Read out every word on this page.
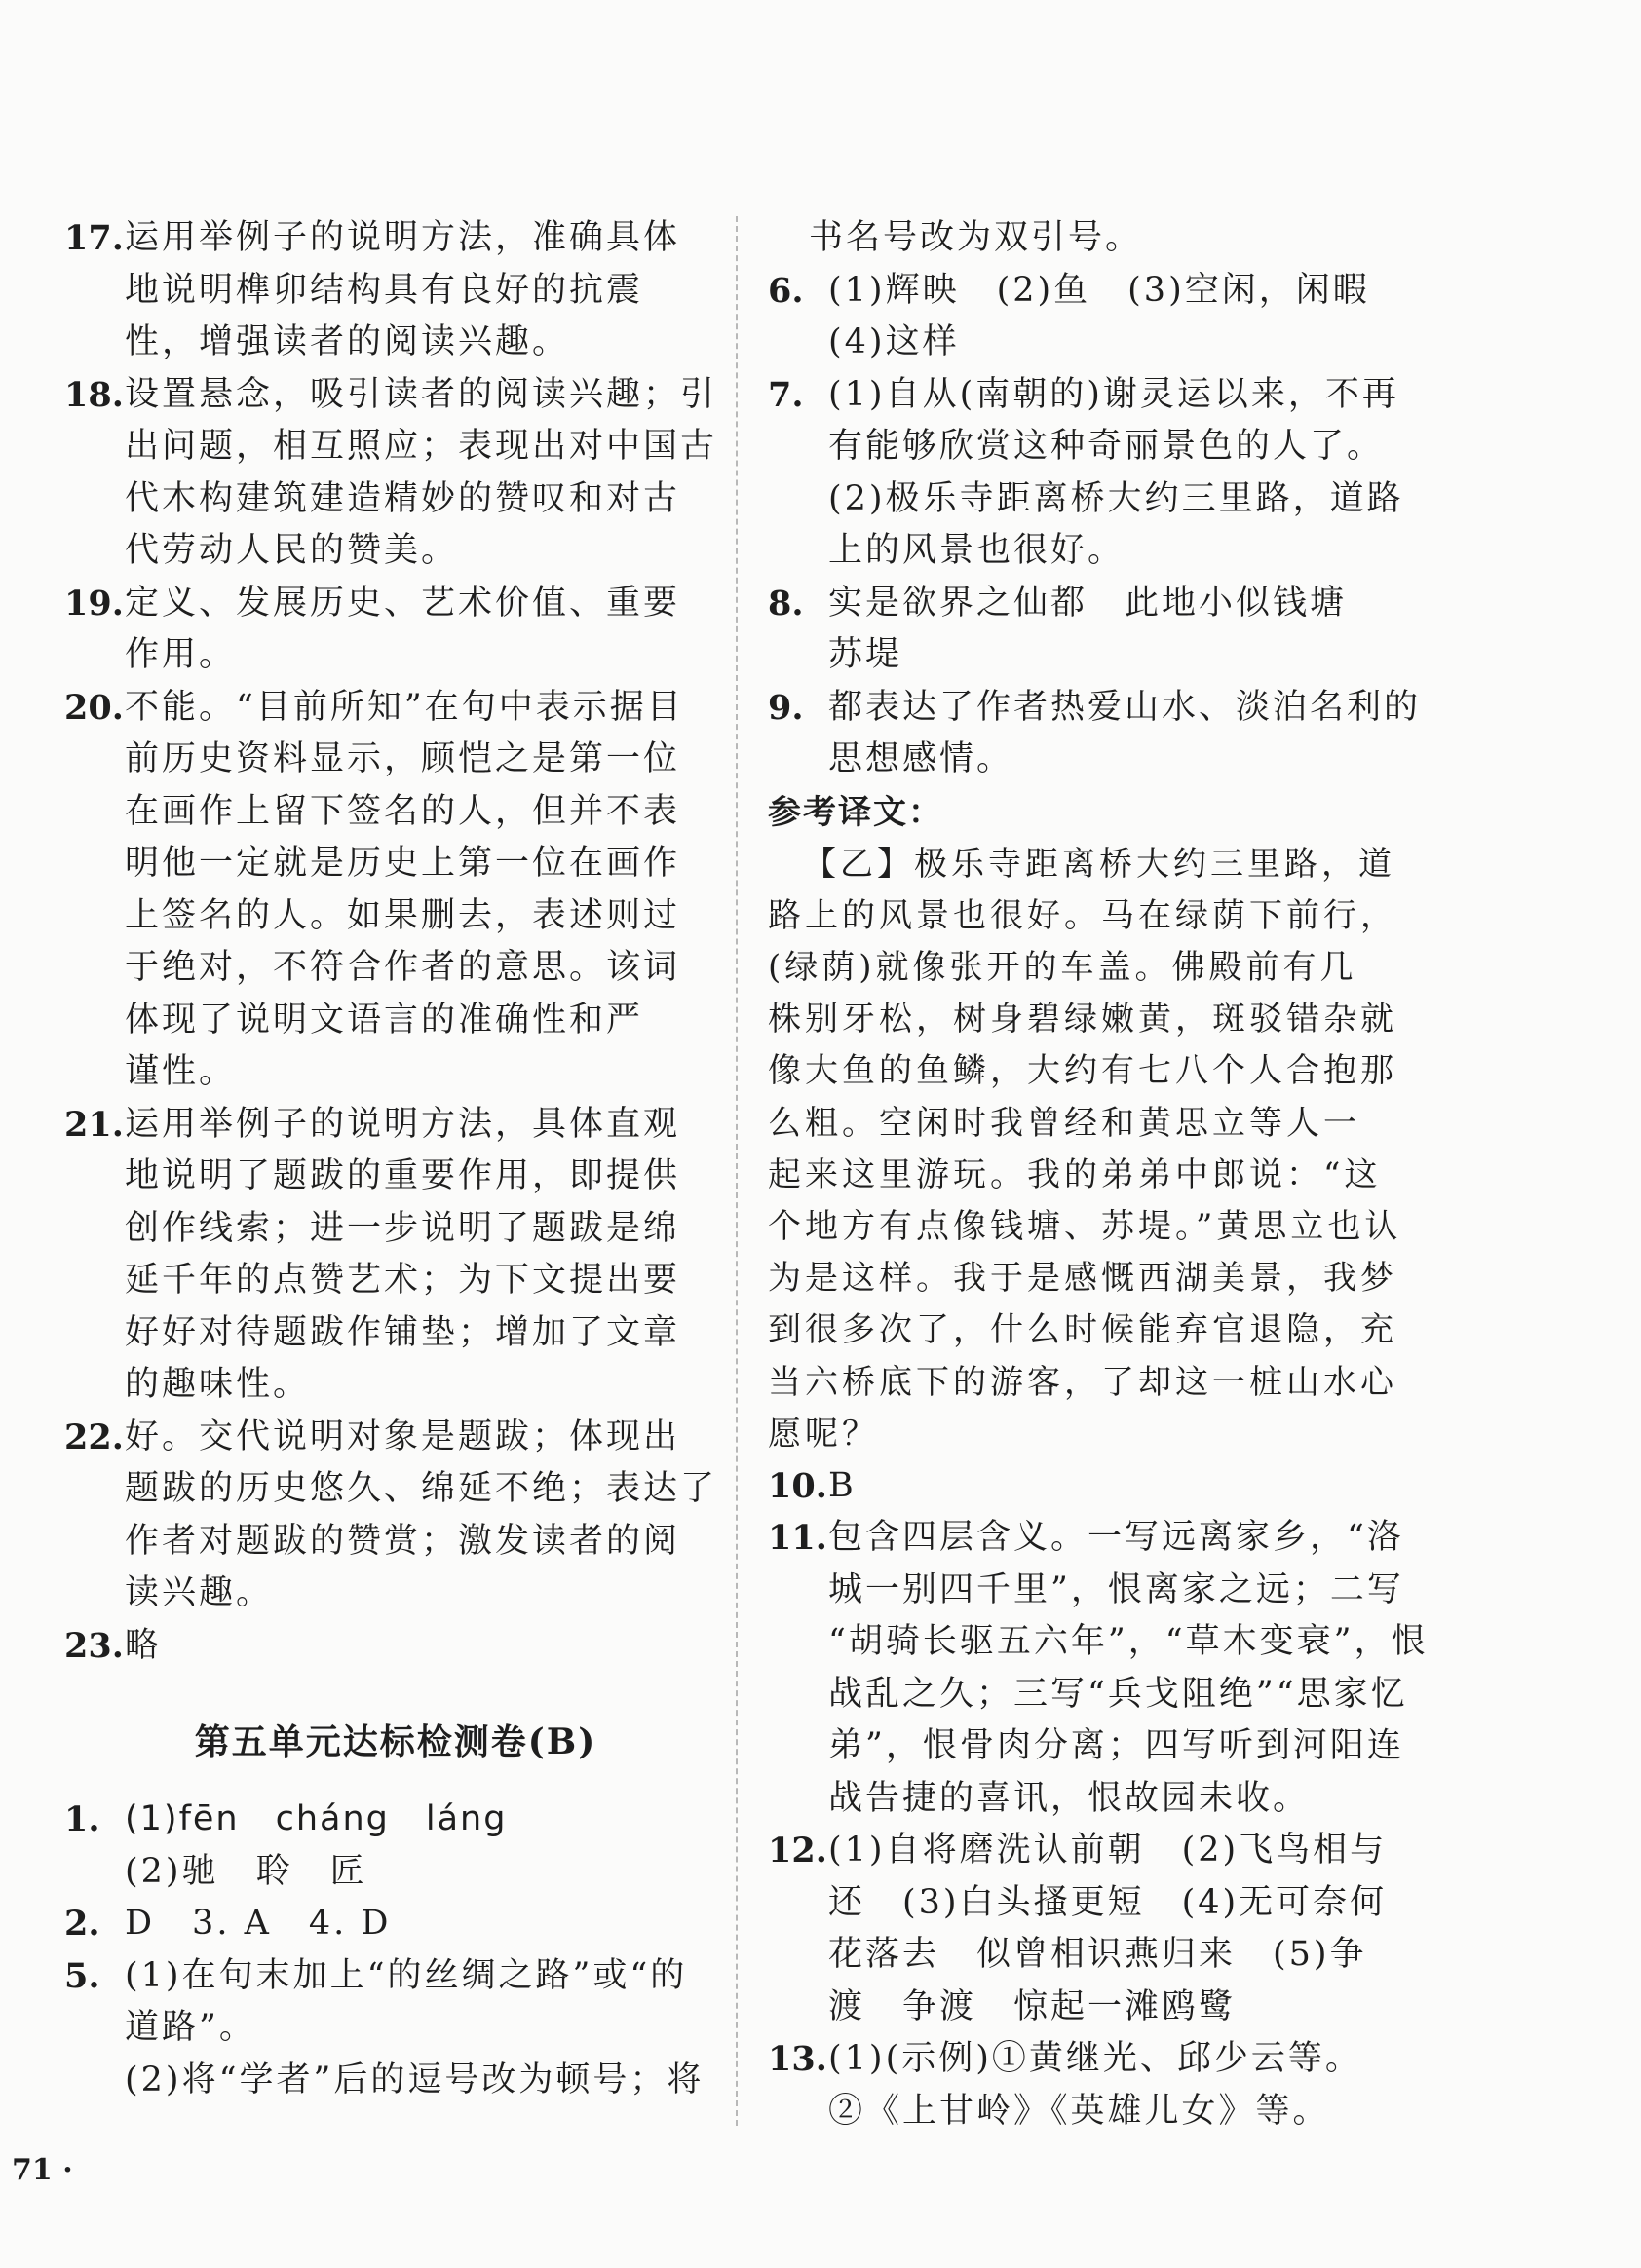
17. 运用举例子的说明方法，准确具体
地说明榫卯结构具有良好的抗震
性，增强读者的阅读兴趣。
18. 设置悬念，吸引读者的阅读兴趣；引
出问题，相互照应；表现出对中国古
代木构建筑建造精妙的赞叹和对古
代劳动人民的赞美。
19. 定义、发展历史、艺术价值、重要
作用。
20. 不能。“目前所知”在句中表示据目
前历史资料显示，顾恺之是第一位
在画作上留下签名的人，但并不表
明他一定就是历史上第一位在画作
上签名的人。如果删去，表述则过
于绝对，不符合作者的意思。该词
体现了说明文语言的准确性和严
谨性。
21. 运用举例子的说明方法，具体直观
地说明了题跋的重要作用，即提供
创作线索；进一步说明了题跋是绵
延千年的点赞艺术；为下文提出要
好好对待题跋作铺垫；增加了文章
的趣味性。
22. 好。交代说明对象是题跋；体现出
题跋的历史悠久、绵延不绝；表达了
作者对题跋的赞赏；激发读者的阅
读兴趣。
23. 略
第五单元达标检测卷(B)
1. (1)fēn　cháng　láng
(2)驰　聆　匠
2. D　3. A　4. D
5. (1)在句末加上“的丝绸之路”或“的
道路”。
(2)将“学者”后的逗号改为顿号；将
书名号改为双引号。
6. (1)辉映　(2)鱼　(3)空闲，闲暇
(4)这样
7. (1)自从(南朝的)谢灵运以来，不再
有能够欣赏这种奇丽景色的人了。
(2)极乐寺距离桥大约三里路，道路
上的风景也很好。
8. 实是欲界之仙都　此地小似钱塘
苏堤
9. 都表达了作者热爱山水、淡泊名利的
思想感情。
参考译文：
【乙】极乐寺距离桥大约三里路，道
路上的风景也很好。马在绿荫下前行，
(绿荫)就像张开的车盖。佛殿前有几
株别牙松，树身碧绿嫩黄，斑驳错杂就
像大鱼的鱼鳞，大约有七八个人合抱那
么粗。空闲时我曾经和黄思立等人一
起来这里游玩。我的弟弟中郎说：“这
个地方有点像钱塘、苏堤。”黄思立也认
为是这样。我于是感慨西湖美景，我梦
到很多次了，什么时候能弃官退隐，充
当六桥底下的游客，了却这一桩山水心
愿呢？
10. B
11. 包含四层含义。一写远离家乡，“洛
城一别四千里”，恨离家之远；二写
“胡骑长驱五六年”，“草木变衰”，恨
战乱之久；三写“兵戈阻绝”“思家忆
弟”，恨骨肉分离；四写听到河阳连
战告捷的喜讯，恨故园未收。
12. (1)自将磨洗认前朝　(2)飞鸟相与
还　(3)白头搔更短　(4)无可奈何
花落去　似曾相识燕归来　(5)争
渡　争渡　惊起一滩鸥鹭
13. (1)(示例)①黄继光、邱少云等。
②《上甘岭》《英雄儿女》等。
71 ·
